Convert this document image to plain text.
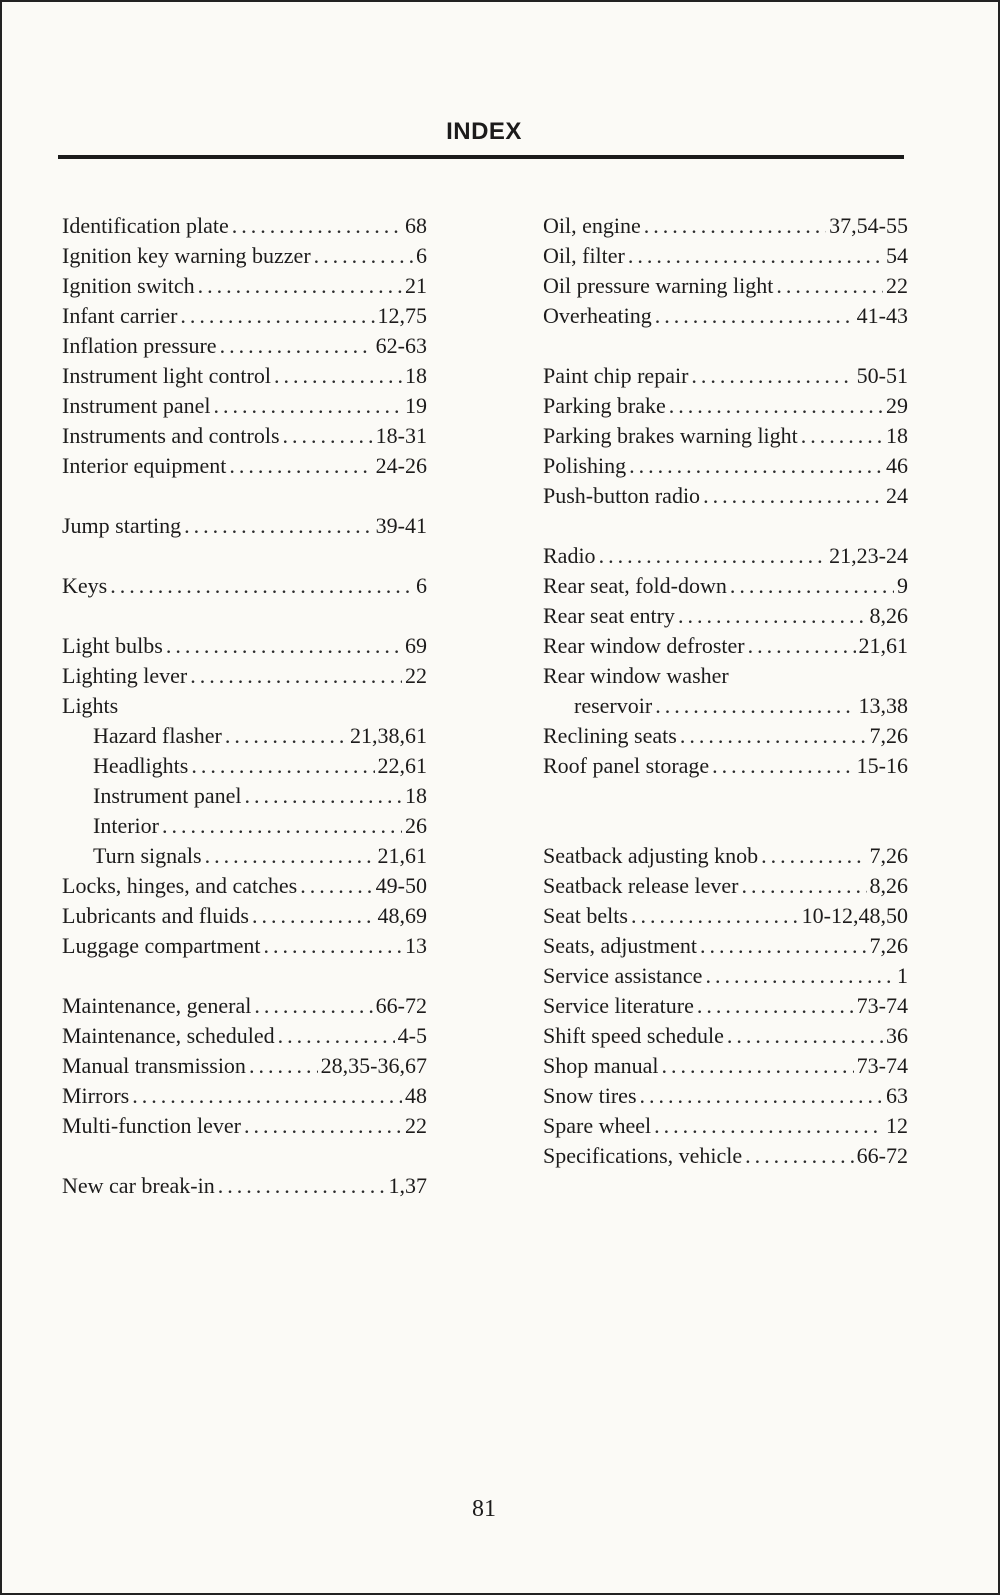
INDEX
Identification plate .....	68
Ignition key warning buzzer .....	6
Ignition switch .....	21
Infant carrier .....	12,75
Inflation pressure .....	62-63
Instrument light control .....	18
Instrument panel .....	19
Instruments and controls .....	18-31
Interior equipment .....	24-26
Jump starting .....	39-41
Keys .....	6
Light bulbs .....	69
Lighting lever .....	22
Lights
Hazard flasher .....	21,38,61
Headlights .....	22,61
Instrument panel .....	18
Interior .....	26
Turn signals .....	21,61
Locks, hinges, and catches .....	49-50
Lubricants and fluids .....	48,69
Luggage compartment .....	13
Maintenance, general .....	66-72
Maintenance, scheduled .....	4-5
Manual transmission .....	28,35-36,67
Mirrors .....	48
Multi-function lever .....	22
New car break-in .....	1,37
Oil, engine .....	37,54-55
Oil, filter .....	54
Oil pressure warning light .....	22
Overheating .....	41-43
Paint chip repair .....	50-51
Parking brake .....	29
Parking brakes warning light .....	18
Polishing .....	46
Push-button radio .....	24
Radio .....	21,23-24
Rear seat, fold-down .....	9
Rear seat entry .....	8,26
Rear window defroster .....	21,61
Rear window washer
reservoir .....	13,38
Reclining seats .....	7,26
Roof panel storage .....	15-16
Seatback adjusting knob .....	7,26
Seatback release lever .....	8,26
Seat belts .....	10-12,48,50
Seats, adjustment .....	7,26
Service assistance .....	1
Service literature .....	73-74
Shift speed schedule .....	36
Shop manual .....	73-74
Snow tires .....	63
Spare wheel .....	12
Specifications, vehicle .....	66-72
81
